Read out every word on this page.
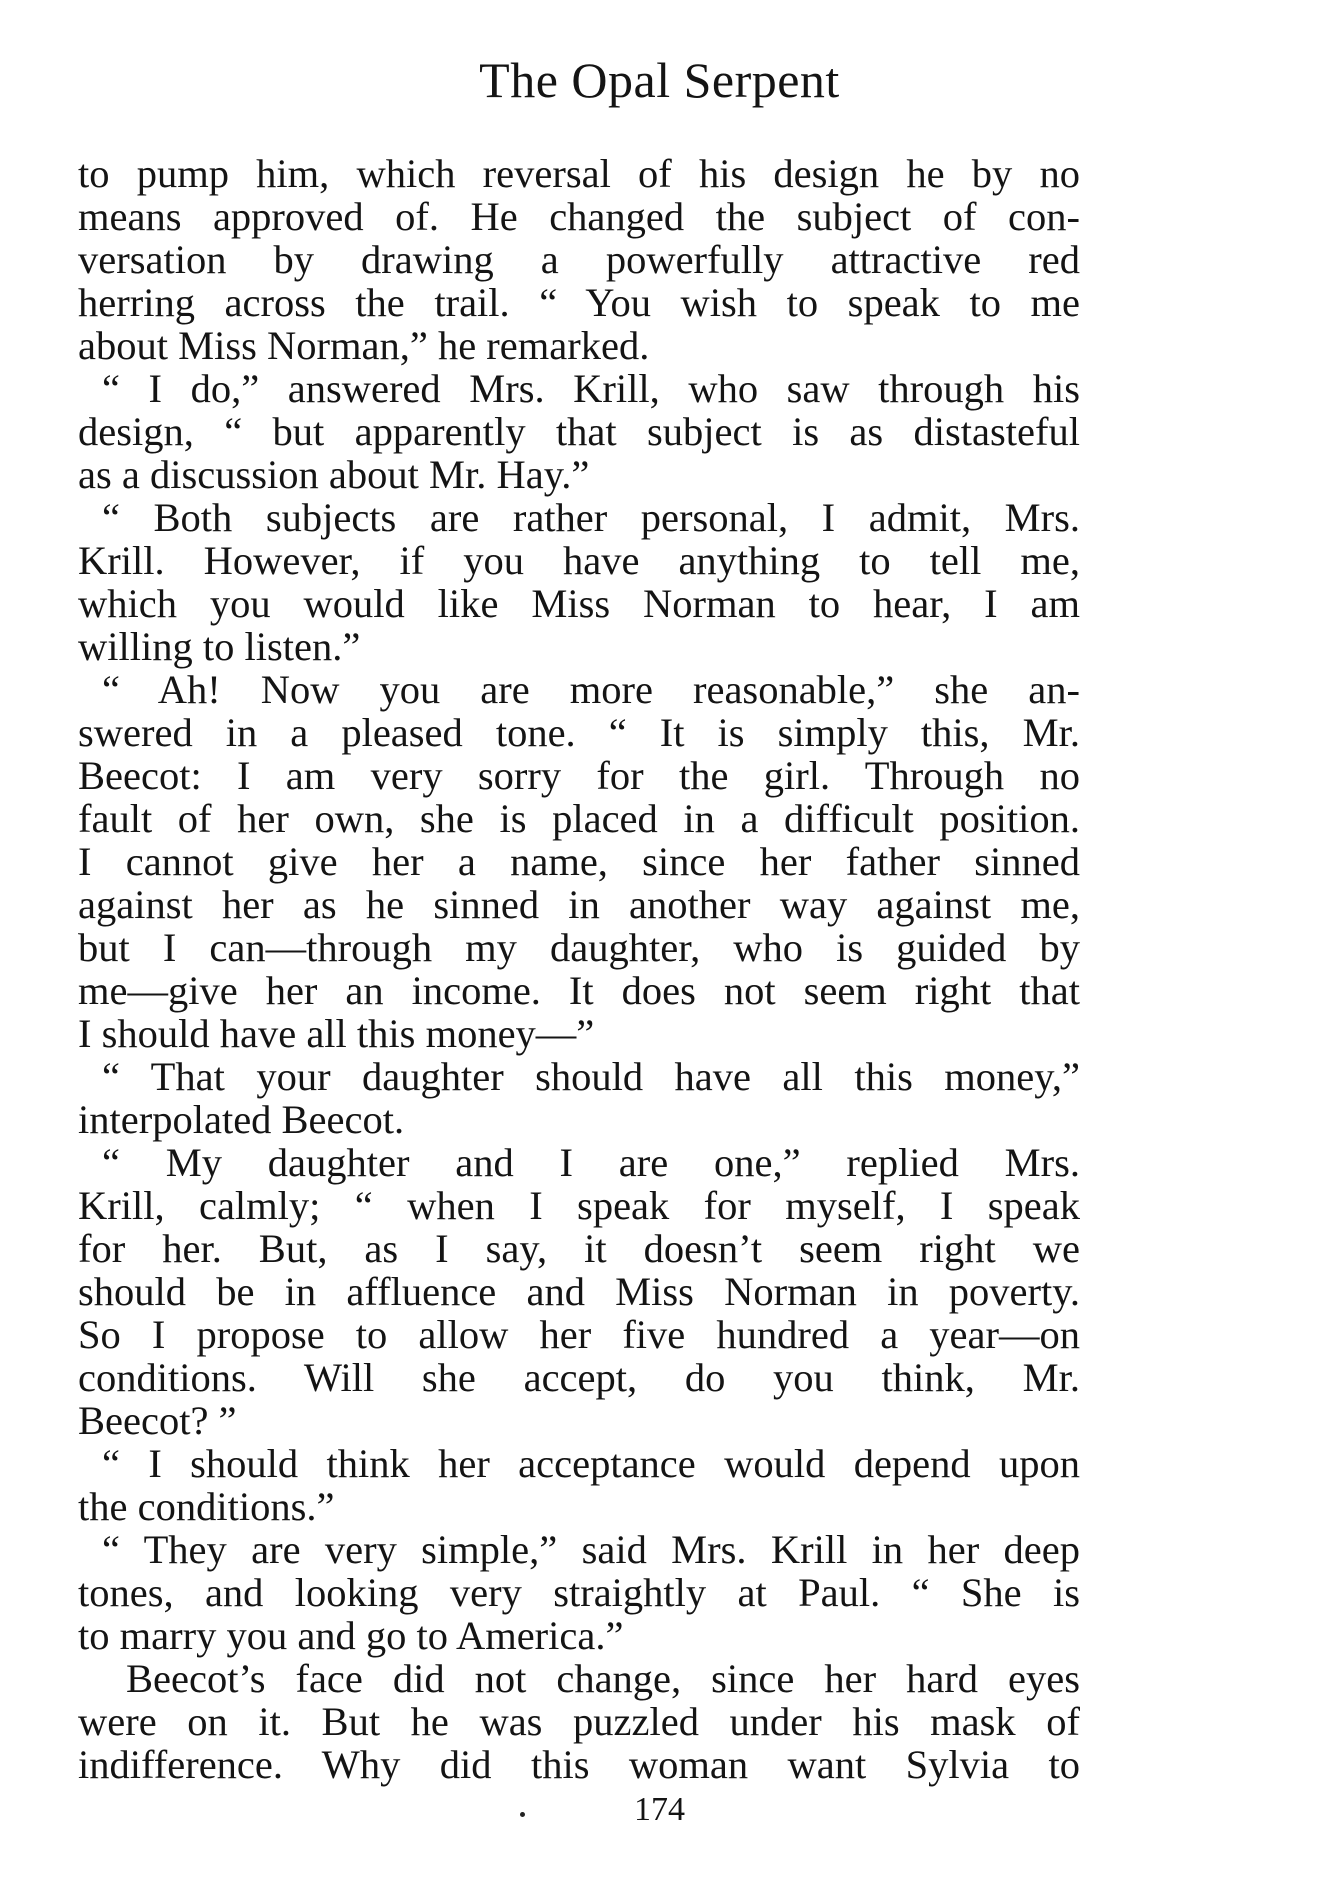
The Opal Serpent
to pump him, which reversal of his design he by no
means approved of. He changed the subject of con-
versation by drawing a powerfully attractive red
herring across the trail. “ You wish to speak to me
about Miss Norman,” he remarked.
“ I do,” answered Mrs. Krill, who saw through his
design, “ but apparently that subject is as distasteful
as a discussion about Mr. Hay.”
“ Both subjects are rather personal, I admit, Mrs.
Krill. However, if you have anything to tell me,
which you would like Miss Norman to hear, I am
willing to listen.”
“ Ah! Now you are more reasonable,” she an-
swered in a pleased tone. “ It is simply this, Mr.
Beecot: I am very sorry for the girl. Through no
fault of her own, she is placed in a difficult position.
I cannot give her a name, since her father sinned
against her as he sinned in another way against me,
but I can—through my daughter, who is guided by
me—give her an income. It does not seem right that
I should have all this money—”
“ That your daughter should have all this money,”
interpolated Beecot.
“ My daughter and I are one,” replied Mrs.
Krill, calmly; “ when I speak for myself, I speak
for her. But, as I say, it doesn’t seem right we
should be in affluence and Miss Norman in poverty.
So I propose to allow her five hundred a year—on
conditions. Will she accept, do you think, Mr.
Beecot? ”
“ I should think her acceptance would depend upon
the conditions.”
“ They are very simple,” said Mrs. Krill in her deep
tones, and looking very straightly at Paul. “ She is
to marry you and go to America.”
Beecot’s face did not change, since her hard eyes
were on it. But he was puzzled under his mask of
indifference. Why did this woman want Sylvia to
174
